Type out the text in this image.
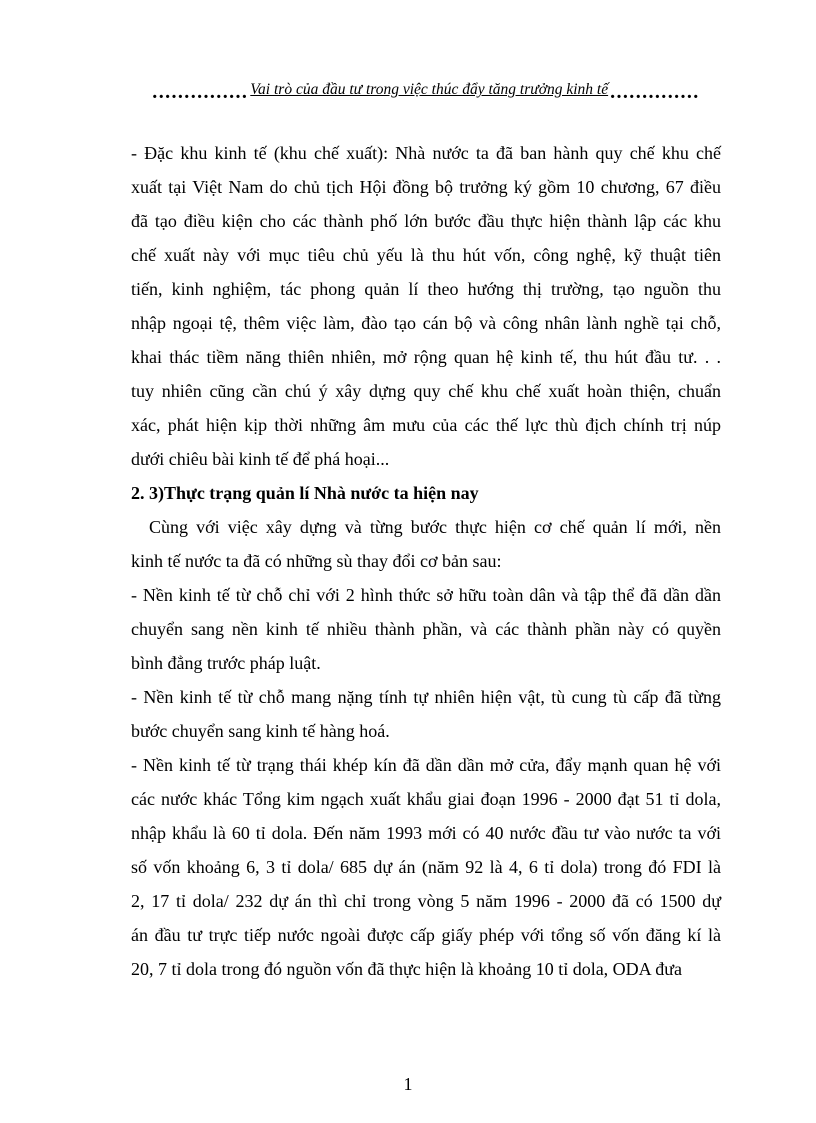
............... Vai trò của đầu tư trong việc thúc đẩy tăng trưởng kinh tế ..............
- Đặc khu kinh tế (khu chế xuất): Nhà nước ta đã ban hành quy chế khu chế
xuất tại Việt Nam do chủ tịch Hội đồng bộ trưởng ký gồm 10 chương, 67 điều
đã tạo điều kiện cho các thành phố lớn bước đầu thực hiện thành lập các khu
chế xuất này với mục tiêu chủ yếu là thu hút vốn, công nghệ, kỹ thuật tiên
tiến, kinh nghiệm, tác phong quản lí theo hướng thị trường, tạo nguồn thu
nhập ngoại tệ, thêm việc làm, đào tạo cán bộ và công nhân lành nghề tại chỗ,
khai thác tiềm năng thiên nhiên, mở rộng quan hệ kinh tế, thu hút đầu tư. . .
tuy nhiên cũng cần chú ý xây dựng quy chế khu chế xuất hoàn thiện, chuẩn
xác, phát hiện kịp thời những âm mưu của các thế lực thù địch chính trị núp
dưới chiêu bài kinh tế để phá hoại...
2. 3)Thực trạng quản lí Nhà nước ta hiện nay
Cùng với việc xây dựng và từng bước thực hiện cơ chế quản lí mới, nền
kinh tế nước ta đã có những sù thay đổi cơ bản sau:
- Nền kinh tế từ chỗ chỉ với 2 hình thức sở hữu toàn dân và tập thể đã dần dần
chuyển sang nền kinh tế nhiều thành phần, và các thành phần này có quyền
bình đẳng trước pháp luật.
- Nền kinh tế từ chỗ mang nặng tính tự nhiên hiện vật, tù cung tù cấp đã từng
bước chuyển sang kinh tế hàng hoá.
- Nền kinh tế từ trạng thái khép kín đã dần dần mở cửa, đẩy mạnh quan hệ với
các nước khác Tổng kim ngạch xuất khẩu giai đoạn 1996 - 2000 đạt 51 tỉ dola,
nhập khẩu là 60 tỉ dola. Đến năm 1993 mới có 40 nước đầu tư vào nước ta với
số vốn khoảng 6, 3 tỉ dola/ 685 dự án (năm 92 là 4, 6 tỉ dola) trong đó FDI là
2, 17 tỉ dola/ 232 dự án thì chỉ trong vòng 5 năm 1996 - 2000 đã có 1500 dự
án đầu tư trực tiếp nước ngoài được cấp giấy phép với tổng số vốn đăng kí là
20, 7 tỉ dola trong đó nguồn vốn đã thực hiện là khoảng 10 tỉ dola, ODA đưa
1
